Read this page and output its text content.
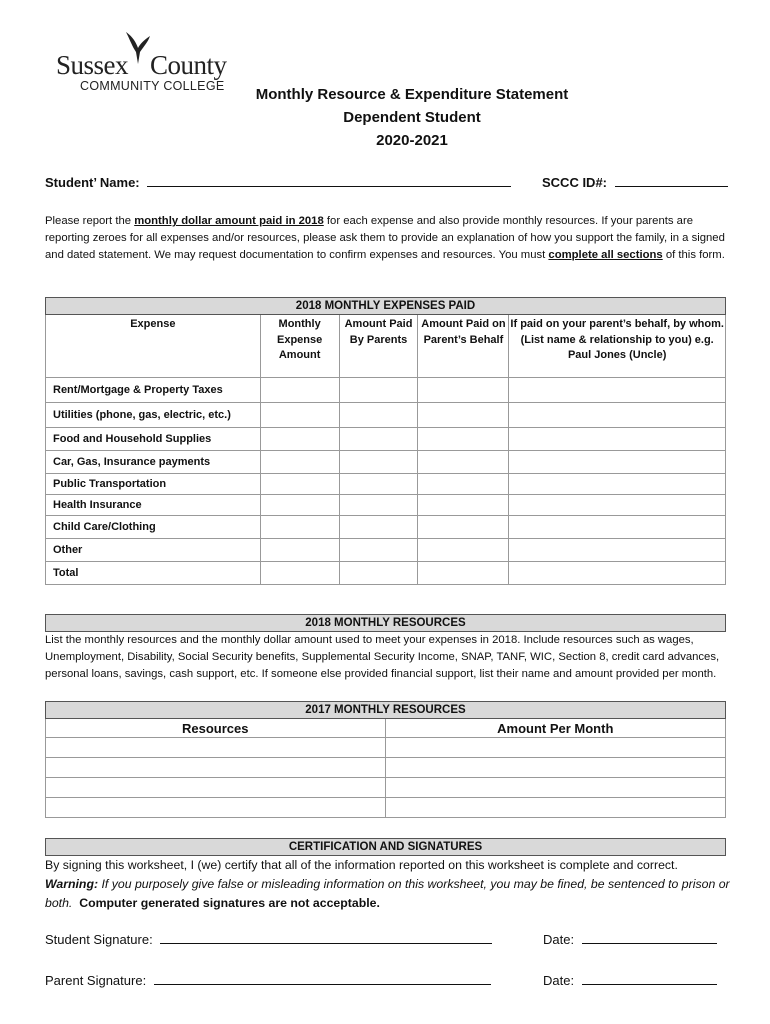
Sussex County
COMMUNITY COLLEGE	Monthly Resource & Expenditure Statement
Dependent Student
2020-2021
Student’ Name:	SCCC ID#:
Please report the monthly dollar amount paid in 2018 for each expense and also provide monthly resources. If your parents are reporting zeroes for all expenses and/or resources, please ask them to provide an explanation of how you support the family, in a signed and dated statement. We may request documentation to confirm expenses and resources. You must complete all sections of this form.
2018 MONTHLY EXPENSES PAID				
Expense	Monthly Expense Amount	Amount Paid By Parents	Amount Paid on Parent’s Behalf	If paid on your parent’s behalf, by whom. (List name & relationship to you) e.g. Paul Jones (Uncle)
Rent/Mortgage & Property Taxes				
Utilities (phone, gas, electric, etc.)				
Food and Household Supplies				
Car, Gas, Insurance payments				
Public Transportation				
Health Insurance				
Child Care/Clothing				
Other				
Total				
2018 MONTHLY RESOURCES
List the monthly resources and the monthly dollar amount used to meet your expenses in 2018. Include resources such as wages, Unemployment, Disability, Social Security benefits, Supplemental Security Income, SNAP, TANF, WIC, Section 8, credit card advances, personal loans, savings, cash support, etc. If someone else provided financial support, list their name and amount provided per month.
2017 MONTHLY RESOURCES	
Resources	Amount Per Month

CERTIFICATION AND SIGNATURES
By signing this worksheet, I (we) certify that all of the information reported on this worksheet is complete and correct.
Warning: If you purposely give false or misleading information on this worksheet, you may be fined, be sentenced to prison or both. Computer generated signatures are not acceptable.
Student Signature:	Date:
Parent Signature:	Date:
